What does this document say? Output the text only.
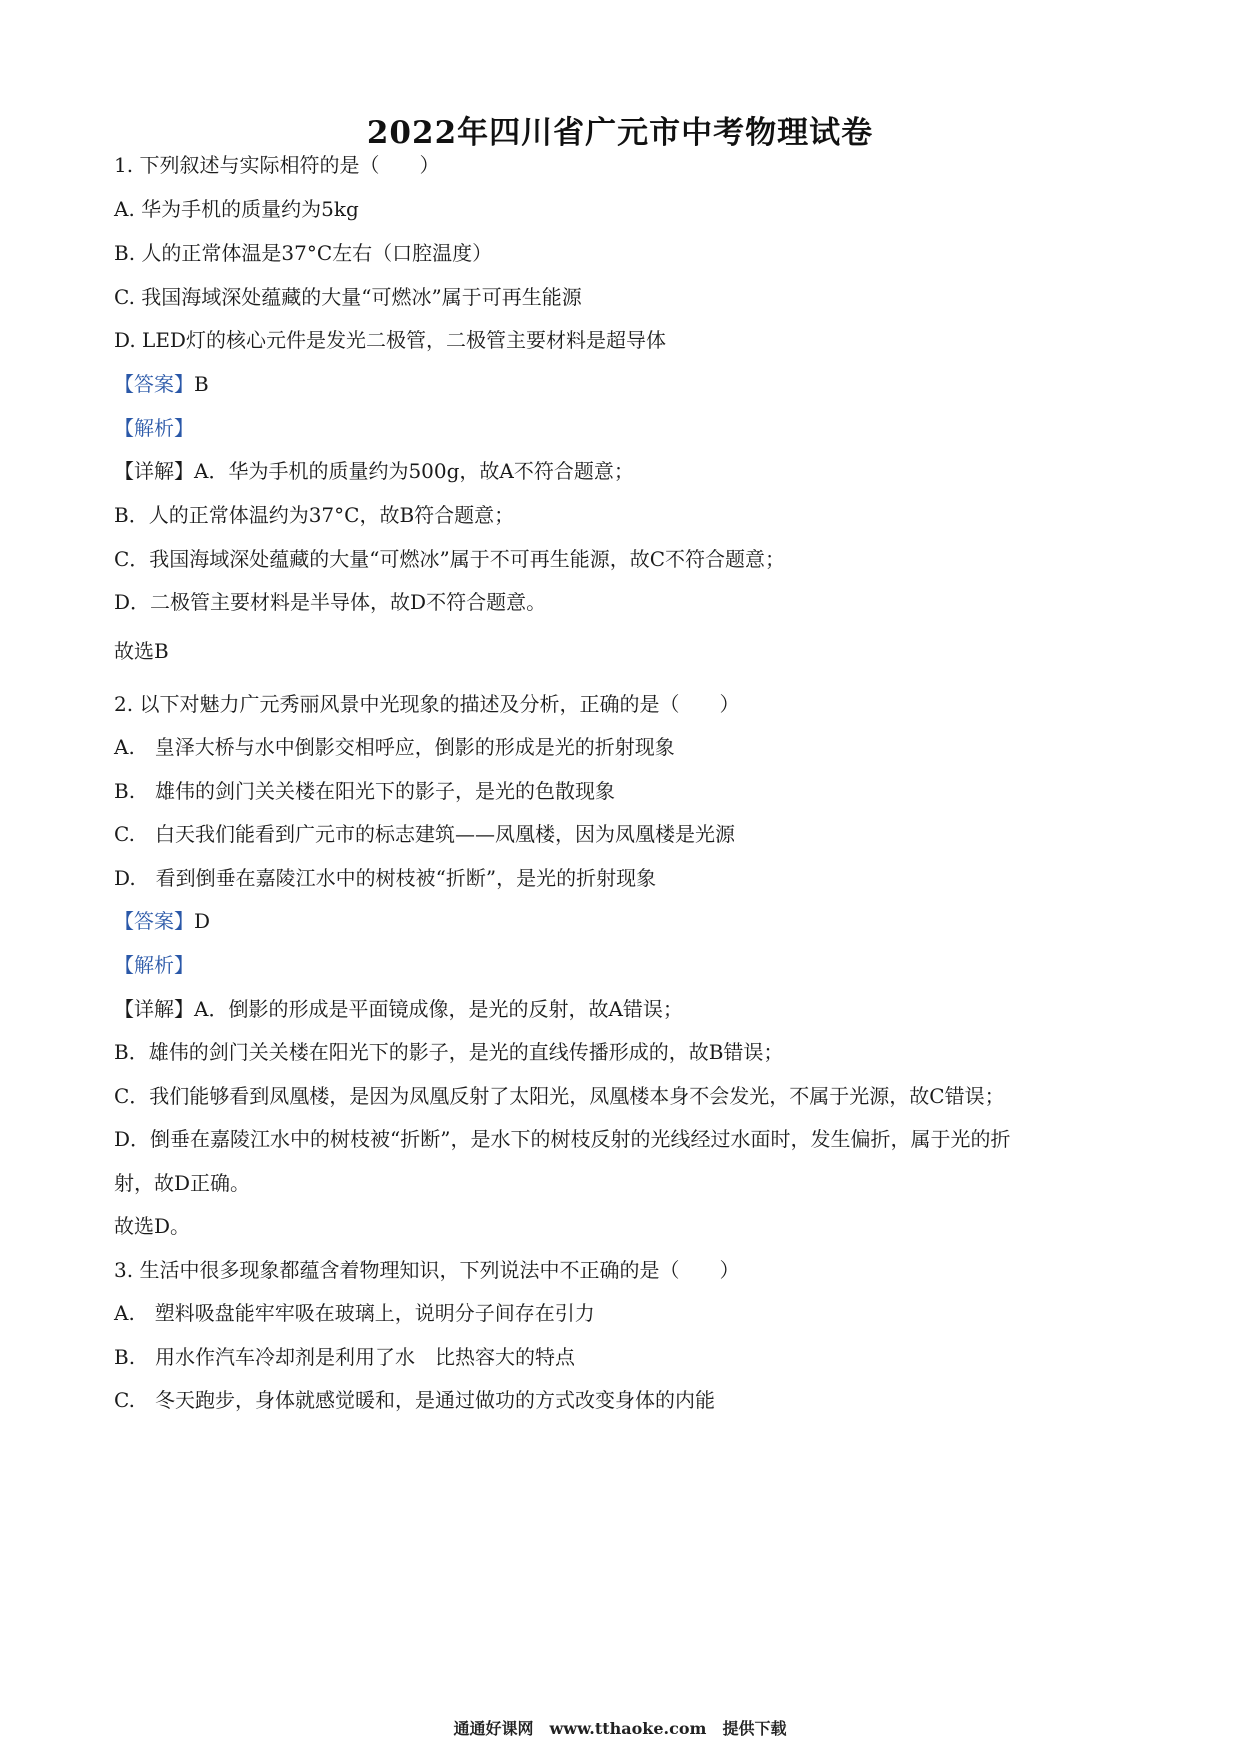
2022年四川省广元市中考物理试卷
1. 下列叙述与实际相符的是（　　）
A. 华为手机的质量约为5kg
B. 人的正常体温是37°C左右（口腔温度）
C. 我国海域深处蕴藏的大量“可燃冰”属于可再生能源
D. LED灯的核心元件是发光二极管，二极管主要材料是超导体
【答案】B
【解析】
【详解】A．华为手机的质量约为500g，故A不符合题意；
B．人的正常体温约为37°C，故B符合题意；
C．我国海域深处蕴藏的大量“可燃冰”属于不可再生能源，故C不符合题意；
D．二极管主要材料是半导体，故D不符合题意。
故选B
2. 以下对魅力广元秀丽风景中光现象的描述及分析，正确的是（　　）
A.　皇泽大桥与水中倒影交相呼应，倒影的形成是光的折射现象
B.　雄伟的剑门关关楼在阳光下的影子，是光的色散现象
C.　白天我们能看到广元市的标志建筑——凤凰楼，因为凤凰楼是光源
D.　看到倒垂在嘉陵江水中的树枝被“折断”，是光的折射现象
【答案】D
【解析】
【详解】A．倒影的形成是平面镜成像，是光的反射，故A错误；
B．雄伟的剑门关关楼在阳光下的影子，是光的直线传播形成的，故B错误；
C．我们能够看到凤凰楼，是因为凤凰反射了太阳光，凤凰楼本身不会发光，不属于光源，故C错误；
D．倒垂在嘉陵江水中的树枝被“折断”，是水下的树枝反射的光线经过水面时，发生偏折，属于光的折
射，故D正确。
故选D。
3. 生活中很多现象都蕴含着物理知识，下列说法中不正确的是（　　）
A.　塑料吸盘能牢牢吸在玻璃上，说明分子间存在引力
B.　用水作汽车冷却剂是利用了水　比热容大的特点
C.　冬天跑步，身体就感觉暖和，是通过做功的方式改变身体的内能
通通好课网　www.tthaoke.com　提供下载
